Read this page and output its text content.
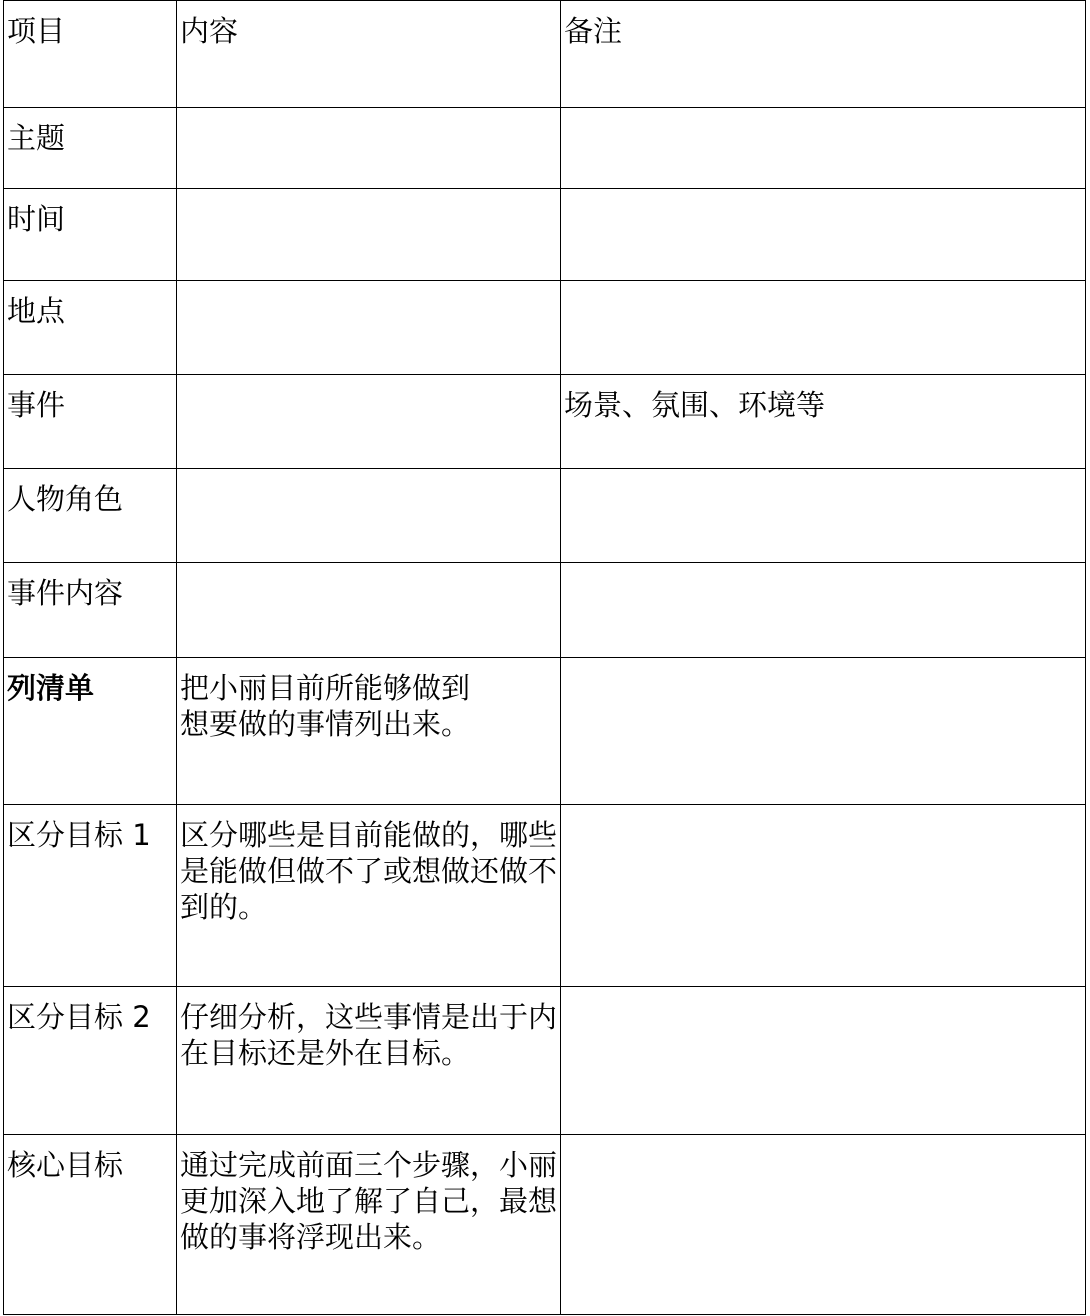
项目	内容	备注

主题		

时间		

地点		

事件		场景、氛围、环境等

人物角色		

事件内容		

列清单	把小丽目前所能够做到
想要做的事情列出来。	

区分目标 1	区分哪些是目前能做的，哪些是能做但做不了或想做还做不到的。	

区分目标 2	仔细分析，这些事情是出于内在目标还是外在目标。	

核心目标	通过完成前面三个步骤，小丽更加深入地了解了自己，最想做的事将浮现出来。	
